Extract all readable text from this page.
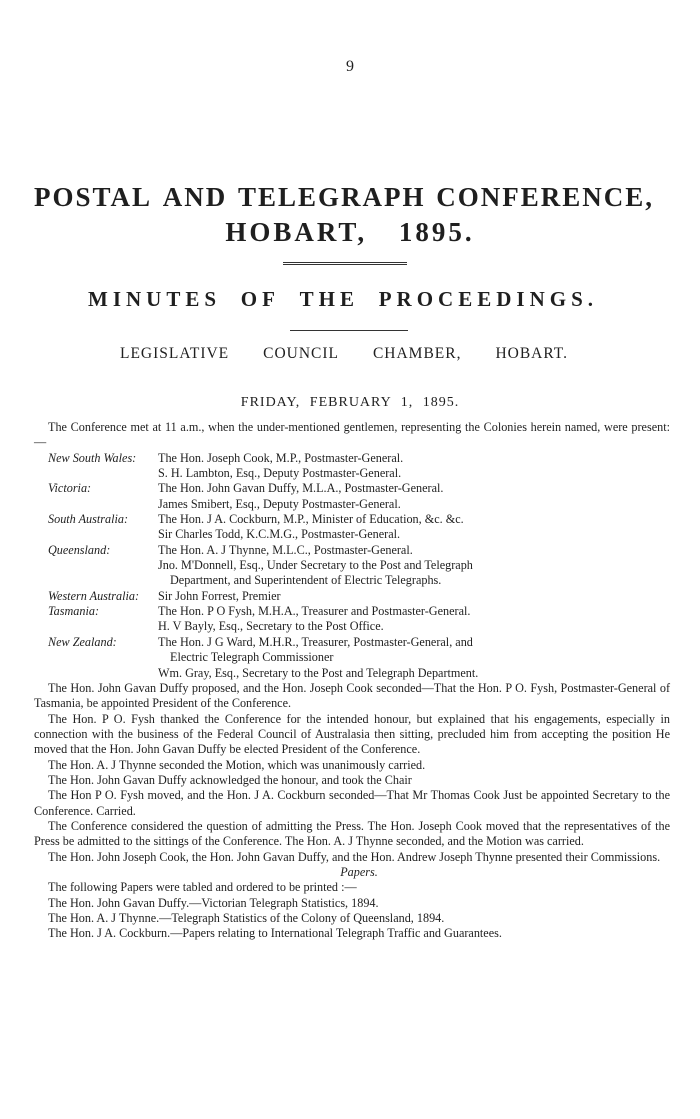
9
POSTAL AND TELEGRAPH CONFERENCE,
HOBART, 1895.
MINUTES OF THE PROCEEDINGS.
LEGISLATIVE COUNCIL CHAMBER, HOBART.
FRIDAY, FEBRUARY 1, 1895.

The Conference met at 11 a.m., when the under-mentioned gentlemen, representing the Colonies herein named, were present:—

New South Wales:	The Hon. Joseph Cook, M.P., Postmaster-General.
S. H. Lambton, Esq., Deputy Postmaster-General.
Victoria:	The Hon. John Gavan Duffy, M.L.A., Postmaster-General.
James Smibert, Esq., Deputy Postmaster-General.
South Australia:	The Hon. J A. Cockburn, M.P., Minister of Education, &c. &c.
Sir Charles Todd, K.C.M.G., Postmaster-General.
Queensland:	The Hon. A. J Thynne, M.L.C., Postmaster-General.
Jno. M'Donnell, Esq., Under Secretary to the Post and Telegraph
Department, and Superintendent of Electric Telegraphs.
Western Australia:	Sir John Forrest, Premier
Tasmania:	The Hon. P O Fysh, M.H.A., Treasurer and Postmaster-General.
H. V Bayly, Esq., Secretary to the Post Office.
New Zealand:	The Hon. J G Ward, M.H.R., Treasurer, Postmaster-General, and
Electric Telegraph Commissioner
Wm. Gray, Esq., Secretary to the Post and Telegraph Department.

The Hon. John Gavan Duffy proposed, and the Hon. Joseph Cook seconded—That the Hon. P O. Fysh, Postmaster-General of Tasmania, be appointed President of the Conference.

The Hon. P O. Fysh thanked the Conference for the intended honour, but explained that his engagements, especially in connection with the business of the Federal Council of Australasia then sitting, precluded him from accepting the position He moved that the Hon. John Gavan Duffy be elected President of the Conference.

The Hon. A. J Thynne seconded the Motion, which was unanimously carried.

The Hon. John Gavan Duffy acknowledged the honour, and took the Chair

The Hon P O. Fysh moved, and the Hon. J A. Cockburn seconded—That Mr Thomas Cook Just be appointed Secretary to the Conference. Carried.

The Conference considered the question of admitting the Press. The Hon. Joseph Cook moved that the representatives of the Press be admitted to the sittings of the Conference. The Hon. A. J Thynne seconded, and the Motion was carried.

The Hon. John Joseph Cook, the Hon. John Gavan Duffy, and the Hon. Andrew Joseph Thynne presented their Commissions.

Papers.

The following Papers were tabled and ordered to be printed :—

The Hon. John Gavan Duffy.—Victorian Telegraph Statistics, 1894.

The Hon. A. J Thynne.—Telegraph Statistics of the Colony of Queensland, 1894.

The Hon. J A. Cockburn.—Papers relating to International Telegraph Traffic and Guarantees.
